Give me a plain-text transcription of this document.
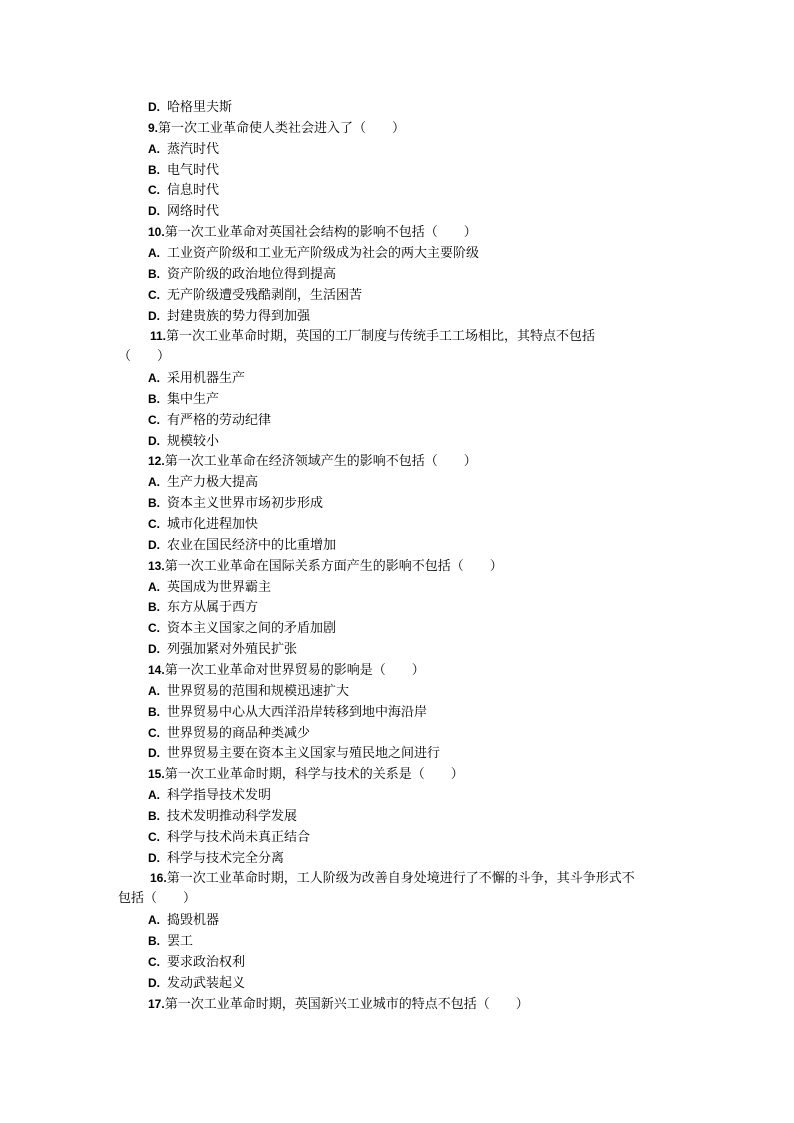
D. 哈格里夫斯
9.第一次工业革命使人类社会进入了（　　）
A. 蒸汽时代
B. 电气时代
C. 信息时代
D. 网络时代
10.第一次工业革命对英国社会结构的影响不包括（　　）
A. 工业资产阶级和工业无产阶级成为社会的两大主要阶级
B. 资产阶级的政治地位得到提高
C. 无产阶级遭受残酷剥削，生活困苦
D. 封建贵族的势力得到加强
11.第一次工业革命时期，英国的工厂制度与传统手工工场相比，其特点不包括
（　　）
A. 采用机器生产
B. 集中生产
C. 有严格的劳动纪律
D. 规模较小
12.第一次工业革命在经济领域产生的影响不包括（　　）
A. 生产力极大提高
B. 资本主义世界市场初步形成
C. 城市化进程加快
D. 农业在国民经济中的比重增加
13.第一次工业革命在国际关系方面产生的影响不包括（　　）
A. 英国成为世界霸主
B. 东方从属于西方
C. 资本主义国家之间的矛盾加剧
D. 列强加紧对外殖民扩张
14.第一次工业革命对世界贸易的影响是（　　）
A. 世界贸易的范围和规模迅速扩大
B. 世界贸易中心从大西洋沿岸转移到地中海沿岸
C. 世界贸易的商品种类减少
D. 世界贸易主要在资本主义国家与殖民地之间进行
15.第一次工业革命时期，科学与技术的关系是（　　）
A. 科学指导技术发明
B. 技术发明推动科学发展
C. 科学与技术尚未真正结合
D. 科学与技术完全分离
16.第一次工业革命时期，工人阶级为改善自身处境进行了不懈的斗争，其斗争形式不
包括（　　）
A. 捣毁机器
B. 罢工
C. 要求政治权利
D. 发动武装起义
17.第一次工业革命时期，英国新兴工业城市的特点不包括（　　）
